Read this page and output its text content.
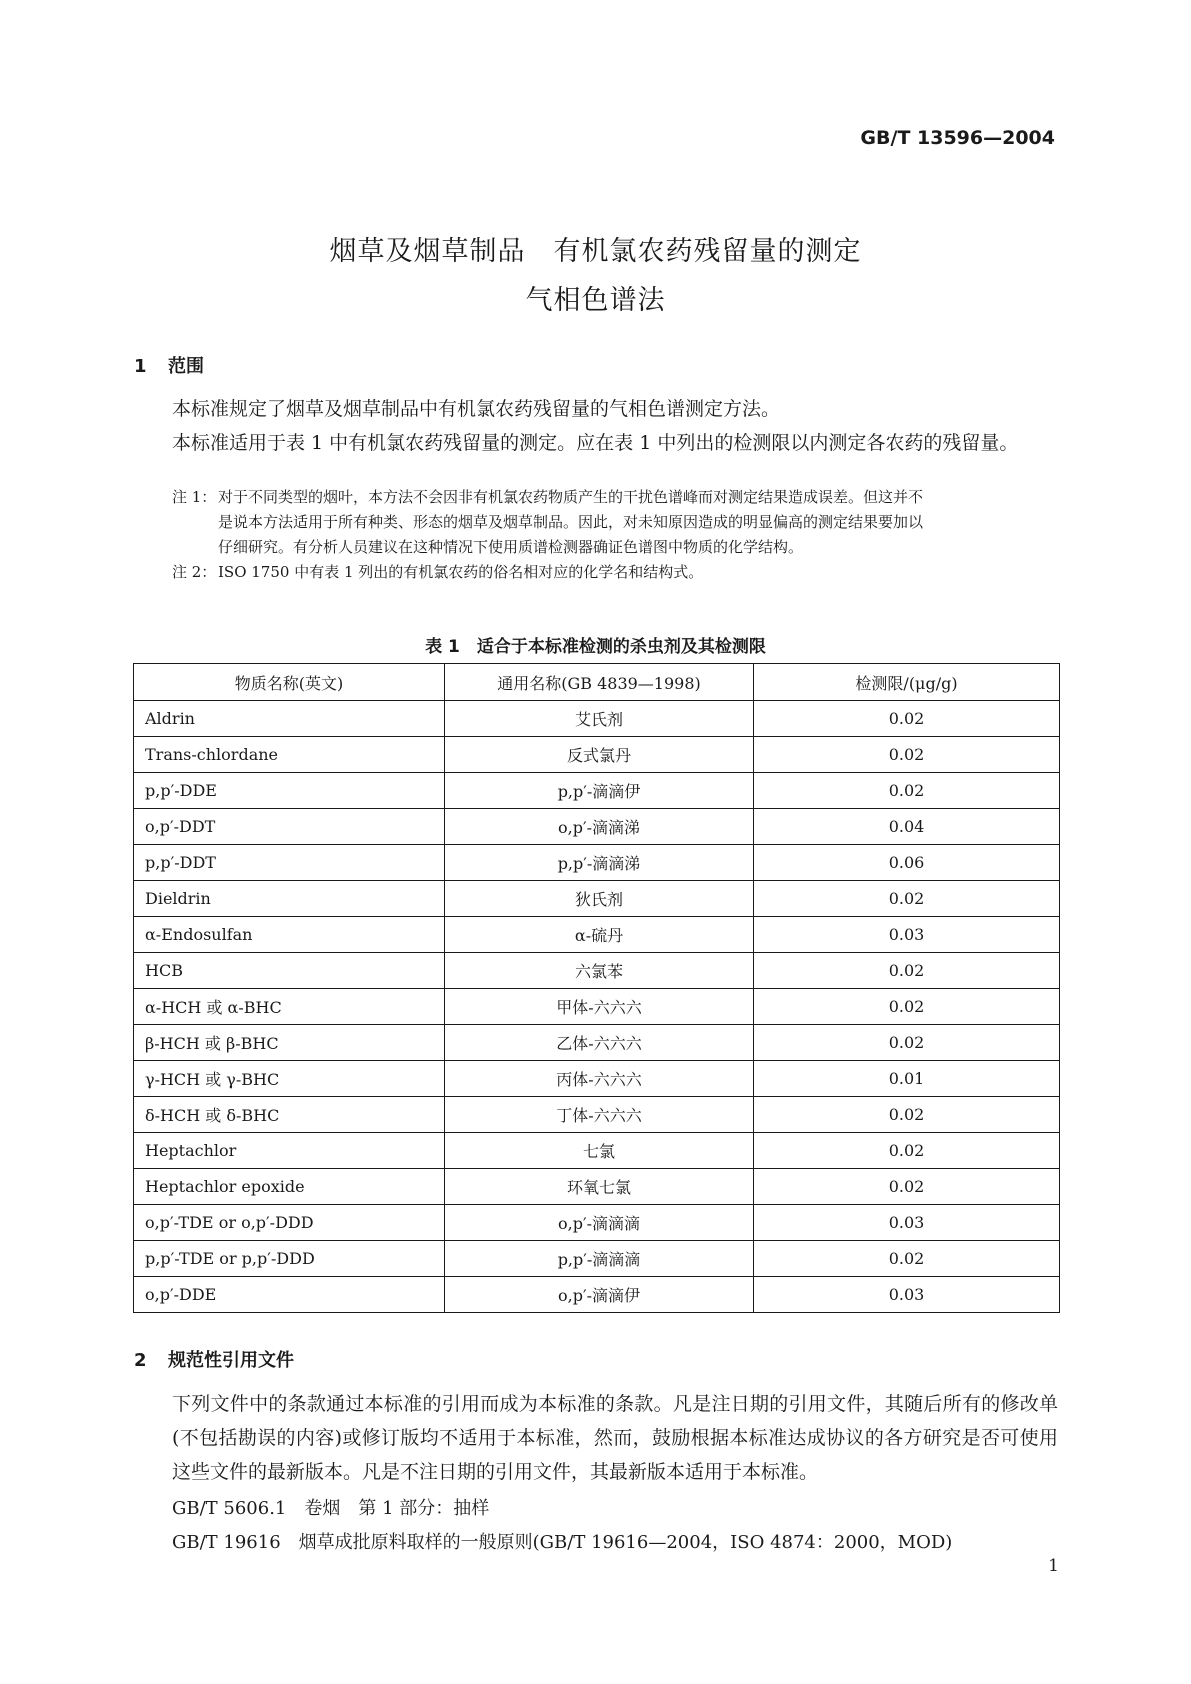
GB/T 13596—2004
烟草及烟草制品　有机氯农药残留量的测定
气相色谱法
1 范围
本标准规定了烟草及烟草制品中有机氯农药残留量的气相色谱测定方法。
本标准适用于表 1 中有机氯农药残留量的测定。应在表 1 中列出的检测限以内测定各农药的残留量。
注 1： 对于不同类型的烟叶，本方法不会因非有机氯农药物质产生的干扰色谱峰而对测定结果造成误差。但这并不
是说本方法适用于所有种类、形态的烟草及烟草制品。因此，对未知原因造成的明显偏高的测定结果要加以
仔细研究。有分析人员建议在这种情况下使用质谱检测器确证色谱图中物质的化学结构。
注 2： ISO 1750 中有表 1 列出的有机氯农药的俗名相对应的化学名和结构式。
表 1　适合于本标准检测的杀虫剂及其检测限
物质名称(英文)	通用名称(GB 4839—1998)	检测限/(μg/g)
Aldrin	艾氏剂	0.02
Trans-chlordane	反式氯丹	0.02
p,p′-DDE	p,p′-滴滴伊	0.02
o,p′-DDT	o,p′-滴滴涕	0.04
p,p′-DDT	p,p′-滴滴涕	0.06
Dieldrin	狄氏剂	0.02
α-Endosulfan	α-硫丹	0.03
HCB	六氯苯	0.02
α-HCH 或 α-BHC	甲体-六六六	0.02
β-HCH 或 β-BHC	乙体-六六六	0.02
γ-HCH 或 γ-BHC	丙体-六六六	0.01
δ-HCH 或 δ-BHC	丁体-六六六	0.02
Heptachlor	七氯	0.02
Heptachlor epoxide	环氧七氯	0.02
o,p′-TDE or o,p′-DDD	o,p′-滴滴滴	0.03
p,p′-TDE or p,p′-DDD	p,p′-滴滴滴	0.02
o,p′-DDE	o,p′-滴滴伊	0.03
2 规范性引用文件
下列文件中的条款通过本标准的引用而成为本标准的条款。凡是注日期的引用文件，其随后所有的修改单(不包括勘误的内容)或修订版均不适用于本标准，然而，鼓励根据本标准达成协议的各方研究是否可使用这些文件的最新版本。凡是不注日期的引用文件，其最新版本适用于本标准。
GB/T 5606.1　卷烟　第 1 部分：抽样
GB/T 19616　烟草成批原料取样的一般原则(GB/T 19616—2004，ISO 4874：2000，MOD)
1
